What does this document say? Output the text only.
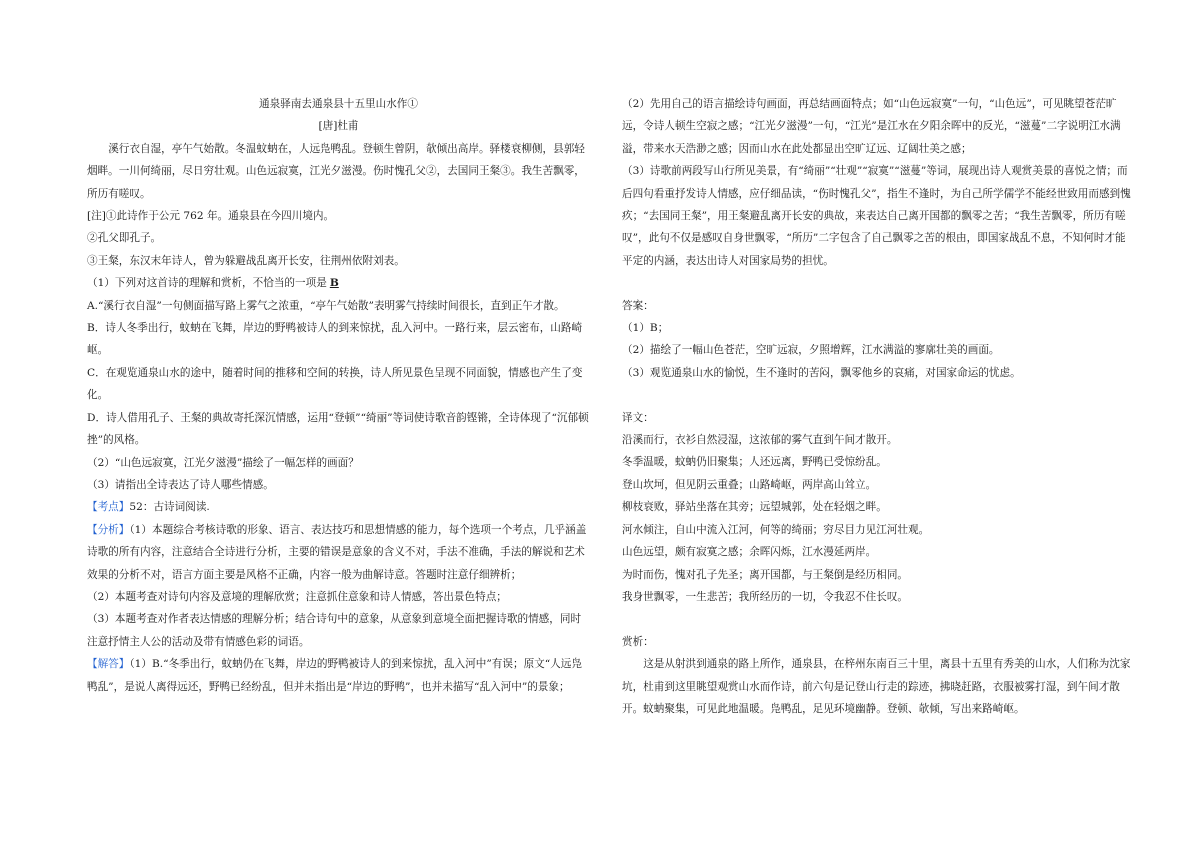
通泉驿南去通泉县十五里山水作①

[唐]杜甫

溪行衣自湿，亭午气始散。冬温蚊蚋在，人远凫鸭乱。登顿生曾阴，欹倾出高岸。驿楼衰柳侧，县郭轻烟畔。一川何绮丽，尽日穷壮观。山色远寂寞，江光夕滋漫。伤时愧孔父②，去国同王粲③。我生苦飘零，所历有嗟叹。

[注]①此诗作于公元 762 年。通泉县在今四川境内。

②孔父即孔子。

③王粲，东汉末年诗人，曾为躲避战乱离开长安，往荆州依附刘表。

（1）下列对这首诗的理解和赏析，不恰当的一项是 B

A.“溪行衣自湿”一句侧面描写路上雾气之浓重，“亭午气始散”表明雾气持续时间很长，直到正午才散。

B．诗人冬季出行，蚊蚋在飞舞，岸边的野鸭被诗人的到来惊扰，乱入河中。一路行来，层云密布，山路崎岖。

C．在观览通泉山水的途中，随着时间的推移和空间的转换，诗人所见景色呈现不同面貌，情感也产生了变化。

D．诗人借用孔子、王粲的典故寄托深沉情感，运用“登顿”“绮丽”等词使诗歌音韵铿锵，全诗体现了“沉郁顿挫”的风格。

（2）“山色远寂寞，江光夕滋漫”描绘了一幅怎样的画面？

（3）请指出全诗表达了诗人哪些情感。

【考点】52：古诗词阅读.

【分析】（1）本题综合考核诗歌的形象、语言、表达技巧和思想情感的能力，每个选项一个考点，几乎涵盖诗歌的所有内容，注意结合全诗进行分析，主要的错误是意象的含义不对，手法不准确，手法的解说和艺术效果的分析不对，语言方面主要是风格不正确，内容一般为曲解诗意。答题时注意仔细辨析；

（2）本题考查对诗句内容及意境的理解欣赏；注意抓住意象和诗人情感，答出景色特点；

（3）本题考查对作者表达情感的理解分析；结合诗句中的意象，从意象到意境全面把握诗歌的情感，同时注意抒情主人公的活动及带有情感色彩的词语。

【解答】（1）B.“冬季出行，蚊蚋仍在飞舞，岸边的野鸭被诗人的到来惊扰，乱入河中”有误；原文“人远凫鸭乱”，是说人离得远还，野鸭已经纷乱，但并未指出是“岸边的野鸭”，也并未描写“乱入河中”的景象；

（2）先用自己的语言描绘诗句画面，再总结画面特点；如“山色远寂寞”一句，“山色远”，可见眺望苍茫旷远，令诗人顿生空寂之感；“江光夕滋漫”一句，“江光”是江水在夕阳余晖中的反光，“滋蔓”二字说明江水满溢，带来水天浩渺之感；因而山水在此处都显出空旷辽远、辽阔壮美之感；

（3）诗歌前两段写山行所见美景，有“绮丽”“壮观”“寂寞”“滋蔓”等词，展现出诗人观赏美景的喜悦之情；而后四句看重抒发诗人情感，应仔细品读，“伤时愧孔父”，指生不逢时，为自己所学儒学不能经世致用而感到愧疚；“去国同王粲”，用王粲避乱离开长安的典故，来表达自己离开国都的飘零之苦；“我生苦飘零，所历有嗟叹”，此句不仅是感叹自身世飘零，“所历”二字包含了自己飘零之苦的根由，即国家战乱不息，不知何时才能平定的内涵，表达出诗人对国家局势的担忧。

答案：

（1）B；

（2）描绘了一幅山色苍茫，空旷远寂，夕照增辉，江水满溢的寥廓壮美的画面。

（3）观览通泉山水的愉悦，生不逢时的苦闷，飘零他乡的哀痛，对国家命运的忧虑。

译文：

沿溪而行，衣衫自然浸湿，这浓郁的雾气直到午间才散开。

冬季温暖，蚊蚋仍旧聚集；人还远离，野鸭已受惊纷乱。

登山坎坷，但见阴云重叠；山路崎岖，两岸高山耸立。

柳枝衰败，驿站坐落在其旁；远望城郭，处在轻烟之畔。

河水倾注，自山中流入江河，何等的绮丽；穷尽目力见江河壮观。

山色远望，颇有寂寞之感；余晖闪烁，江水漫延两岸。

为时而伤，愧对孔子先圣；离开国都，与王粲倒是经历相同。

我身世飘零，一生悲苦；我所经历的一切，令我忍不住长叹。

赏析：

这是从射洪到通泉的路上所作，通泉县，在梓州东南百三十里，离县十五里有秀美的山水，人们称为沈家坑，杜甫到这里眺望观赏山水而作诗，前六句是记登山行走的踪迹，拂晓赶路，衣服被雾打湿，到午间才散开。蚊蚋聚集，可见此地温暖。凫鸭乱，足见环境幽静。登顿、欹倾，写出来路崎岖。
